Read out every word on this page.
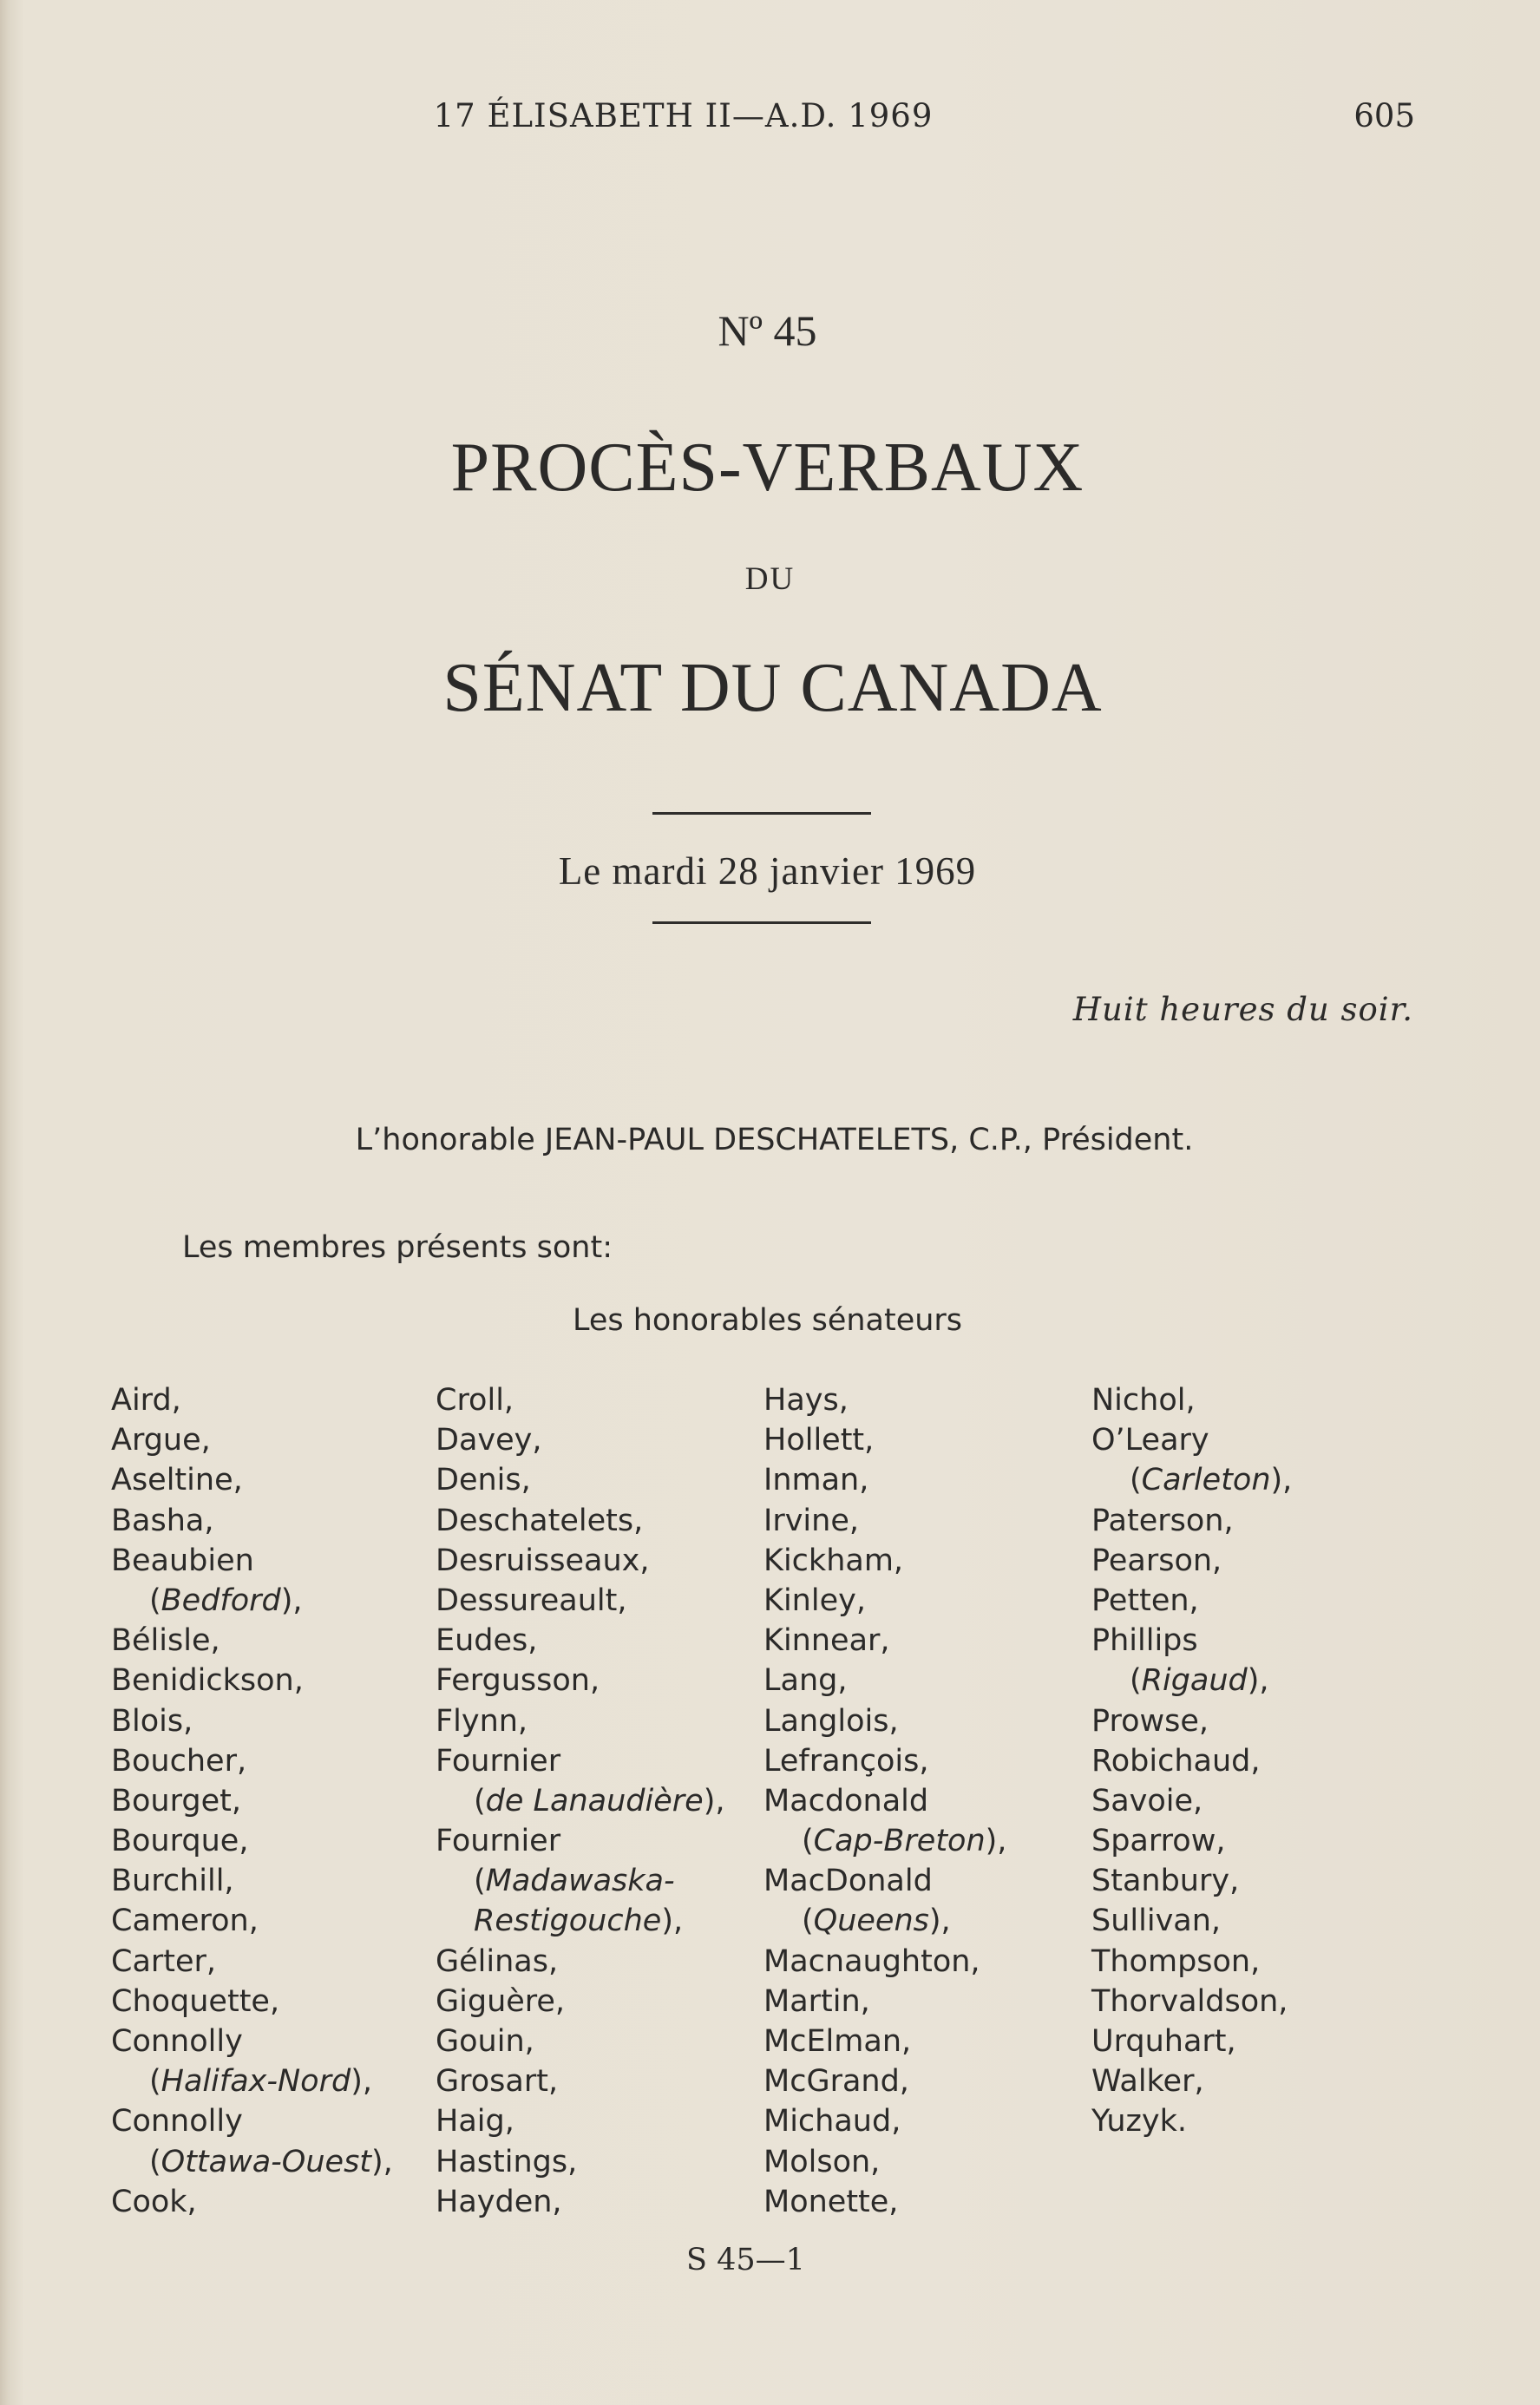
17 ÉLISABETH II—A.D. 1969	605
Nº 45
PROCÈS-VERBAUX
DU
SÉNAT DU CANADA
Le mardi 28 janvier 1969
Huit heures du soir.
L’honorable JEAN-PAUL DESCHATELETS, C.P., Président.
Les membres présents sont:
Les honorables sénateurs
Aird,
Argue,
Aseltine,
Basha,
Beaubien
(Bedford),
Bélisle,
Benidickson,
Blois,
Boucher,
Bourget,
Bourque,
Burchill,
Cameron,
Carter,
Choquette,
Connolly
(Halifax-Nord),
Connolly
(Ottawa-Ouest),
Cook,
Croll,
Davey,
Denis,
Deschatelets,
Desruisseaux,
Dessureault,
Eudes,
Fergusson,
Flynn,
Fournier
(de Lanaudière),
Fournier
(Madawaska-
Restigouche),
Gélinas,
Giguère,
Gouin,
Grosart,
Haig,
Hastings,
Hayden,
Hays,
Hollett,
Inman,
Irvine,
Kickham,
Kinley,
Kinnear,
Lang,
Langlois,
Lefrançois,
Macdonald
(Cap-Breton),
MacDonald
(Queens),
Macnaughton,
Martin,
McElman,
McGrand,
Michaud,
Molson,
Monette,
Nichol,
O’Leary
(Carleton),
Paterson,
Pearson,
Petten,
Phillips
(Rigaud),
Prowse,
Robichaud,
Savoie,
Sparrow,
Stanbury,
Sullivan,
Thompson,
Thorvaldson,
Urquhart,
Walker,
Yuzyk.
S 45—1
